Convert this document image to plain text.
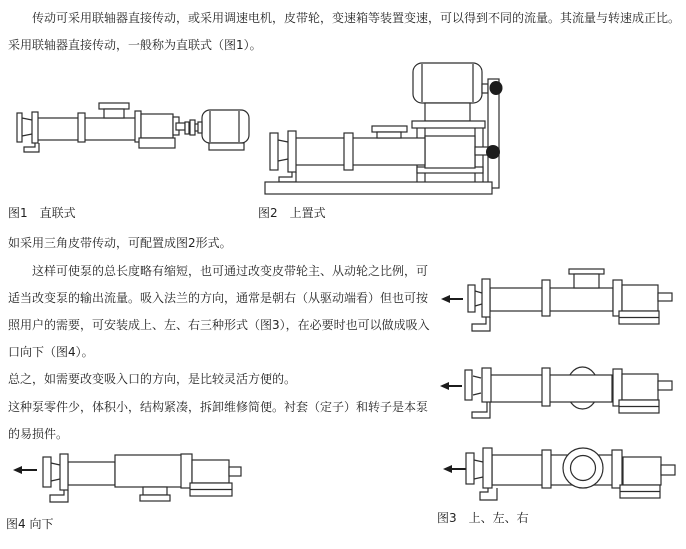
传动可采用联轴器直接传动，或采用调速电机，皮带轮，变速箱等装置变速，可以得到不同的流量。其流量与转速成正比。采用联轴器直接传动，一般称为直联式（图1）。

图1　直联式	图2　上置式

如采用三角皮带传动，可配置成图2形式。

这样可使泵的总长度略有缩短，也可通过改变皮带轮主、从动轮之比例，可适当改变泵的输出流量。吸入法兰的方向，通常是朝右（从驱动端看）但也可按照用户的需要，可安装成上、左、右三种形式（图3），在必要时也可以做成吸入口向下（图4）。

总之，如需要改变吸入口的方向，是比较灵活方便的。

这种泵零件少，体积小，结构紧凑，拆卸维修简便。衬套（定子）和转子是本泵的易损件。

图4 向下	图3　上、左、右
